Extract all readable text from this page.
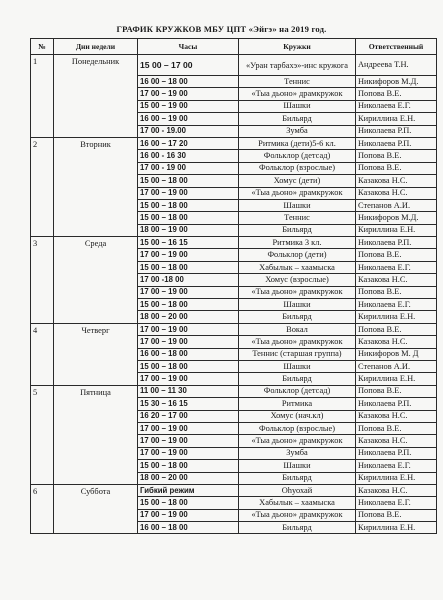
ГРАФИК КРУЖКОВ МБУ ЦПТ «Эйгэ» на 2019 год.
№	Дни недели	Часы	Кружки	Ответственный
1	Понедельник	15 00 – 17 00	«Уран тарбахэ»-инс кружога	Андреева Т.Н.
		16 00 – 18 00	Теннис	Никифоров М.Д.
		17 00 – 19 00	«Тыа дьоно» драмкружок	Попова В.Е.
		15 00 – 19 00	Шашки	Николаева Е.Г.
		16 00 – 19 00	Бильярд	Кириллина Е.Н.
		17 00 - 19.00	Зумба	Николаева Р.П.
2	Вторник	16 00 – 17 20	Ритмика (дети)5-6 кл.	Николаева Р.П.
		16 00 - 16 30	Фольклор (детсад)	Попова В.Е.
		17 00 - 19 00	Фольклор (взрослые)	Попова В.Е.
		15 00 – 18 00	Хомус (дети)	Казакова Н.С.
		17 00 – 19 00	«Тыа дьоно» драмкружок	Казакова Н.С.
		15 00 – 18 00	Шашки	Степанов А.И.
		15 00 – 18 00	Теннис	Никифоров М.Д.
		18 00 – 19 00	Бильярд	Кириллина Е.Н.
3	Среда	15 00 – 16 15	Ритмика 3 кл.	Николаева Р.П.
		17 00 – 19 00	Фольклор (дети)	Попова В.Е.
		15 00 – 18 00	Хабылык – хаамыска	Николаева Е.Г.
		17 00 -18 00	Хомус (взрослые)	Казакова Н.С.
		17 00 – 19 00	«Тыа дьоно» драмкружок	Попова В.Е.
		15 00 – 18 00	Шашки	Николаева Е.Г.
		18 00 – 20 00	Бильярд	Кириллина Е.Н.
4	Четверг	17 00 – 19 00	Вокал	Попова В.Е.
		17 00 – 19 00	«Тыа дьоно» драмкружок	Казакова Н.С.
		16 00 – 18 00	Теннис (старшая группа)	Никифоров М. Д
		15 00 – 18 00	Шашки	Степанов А.И.
		17 00 – 19 00	Бильярд	Кириллина Е.Н.
5	Пятница	11 00 – 11 30	Фольклор (детсад)	Попова В.Е.
		15 30 – 16 15	Ритмика	Николаева Р.П.
		16 20 – 17 00	Хомус (нач.кл)	Казакова Н.С.
		17 00 – 19 00	Фольклор (взрослые)	Попова В.Е.
		17 00 – 19 00	«Тыа дьоно» драмкружок	Казакова Н.С.
		17 00 – 19 00	Зумба	Николаева Р.П.
		15 00 – 18 00	Шашки	Николаева Е.Г.
		18 00 – 20 00	Бильярд	Кириллина Е.Н.
6	Суббота	Гибкий режим	Оһуохай	Казакова Н.С.
		15 00 – 18 00	Хабылык – хаамыска	Николаева Е.Г.
		17 00 – 19 00	«Тыа дьоно» драмкружок	Попова В.Е.
		16 00 – 18 00	Бильярд	Кириллина Е.Н.
